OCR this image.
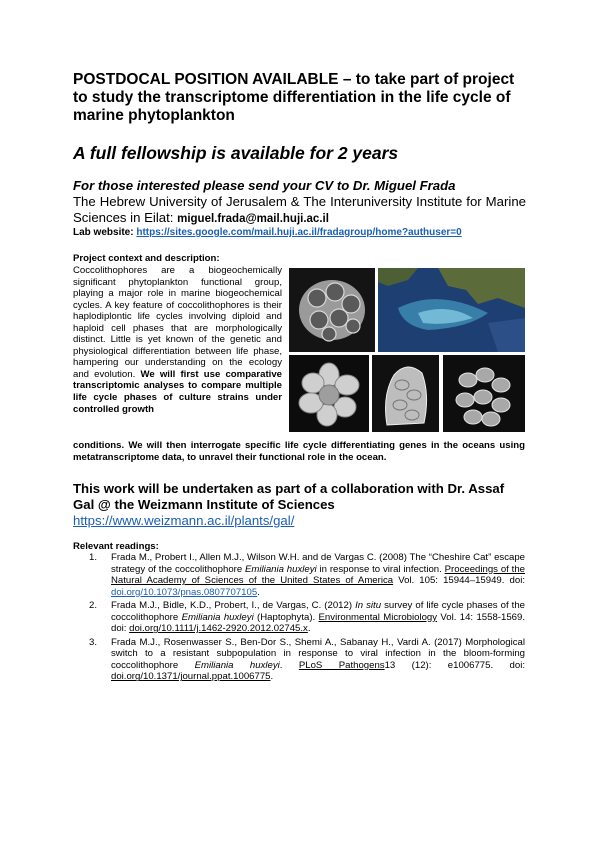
POSTDOCAL POSITION AVAILABLE – to take part of project to study the transcriptome differentiation in the life cycle of marine phytoplankton
A full fellowship is available for 2 years
For those interested please send your CV to Dr. Miguel Frada
The Hebrew University of Jerusalem & The Interuniversity Institute for Marine Sciences in Eilat: miguel.frada@mail.huji.ac.il
Lab website: https://sites.google.com/mail.huji.ac.il/fradagroup/home?authuser=0
Project context and description:
Coccolithophores are a biogeochemically significant phytoplankton functional group, playing a major role in marine biogeochemical cycles. A key feature of coccolithophores is their haplodiplontic life cycles involving diploid and haploid cell phases that are morphologically distinct. Little is yet known of the genetic and physiological differentiation between life phase, hampering our understanding on the ecology and evolution. We will first use comparative transcriptomic analyses to compare multiple life cycle phases of culture strains under controlled growth
conditions. We will then interrogate specific life cycle differentiating genes in the oceans using metatranscriptome data, to unravel their functional role in the ocean.
This work will be undertaken as part of a collaboration with Dr. Assaf Gal @ the Weizmann Institute of Sciences
https://www.weizmann.ac.il/plants/gal/
Relevant readings:
1. Frada M., Probert I., Allen M.J., Wilson W.H. and de Vargas C. (2008) The “Cheshire Cat” escape strategy of the coccolithophore Emiliania huxleyi in response to viral infection. Proceedings of the Natural Academy of Sciences of the United States of America Vol. 105: 15944–15949. doi: doi.org/10.1073/pnas.0807707105.
2. Frada M.J., Bidle, K.D., Probert, I., de Vargas, C. (2012) In situ survey of life cycle phases of the coccolithophore Emiliania huxleyi (Haptophyta). Environmental Microbiology Vol. 14: 1558-1569. doi: doi.org/10.1111/j.1462-2920.2012.02745.x.
3. Frada M.J., Rosenwasser S., Ben-Dor S., Shemi A., Sabanay H., Vardi A. (2017) Morphological switch to a resistant subpopulation in response to viral infection in the bloom-forming coccolithophore Emiliania huxleyi. PLoS Pathogens13 (12): e1006775. doi: doi.org/10.1371/journal.ppat.1006775.
